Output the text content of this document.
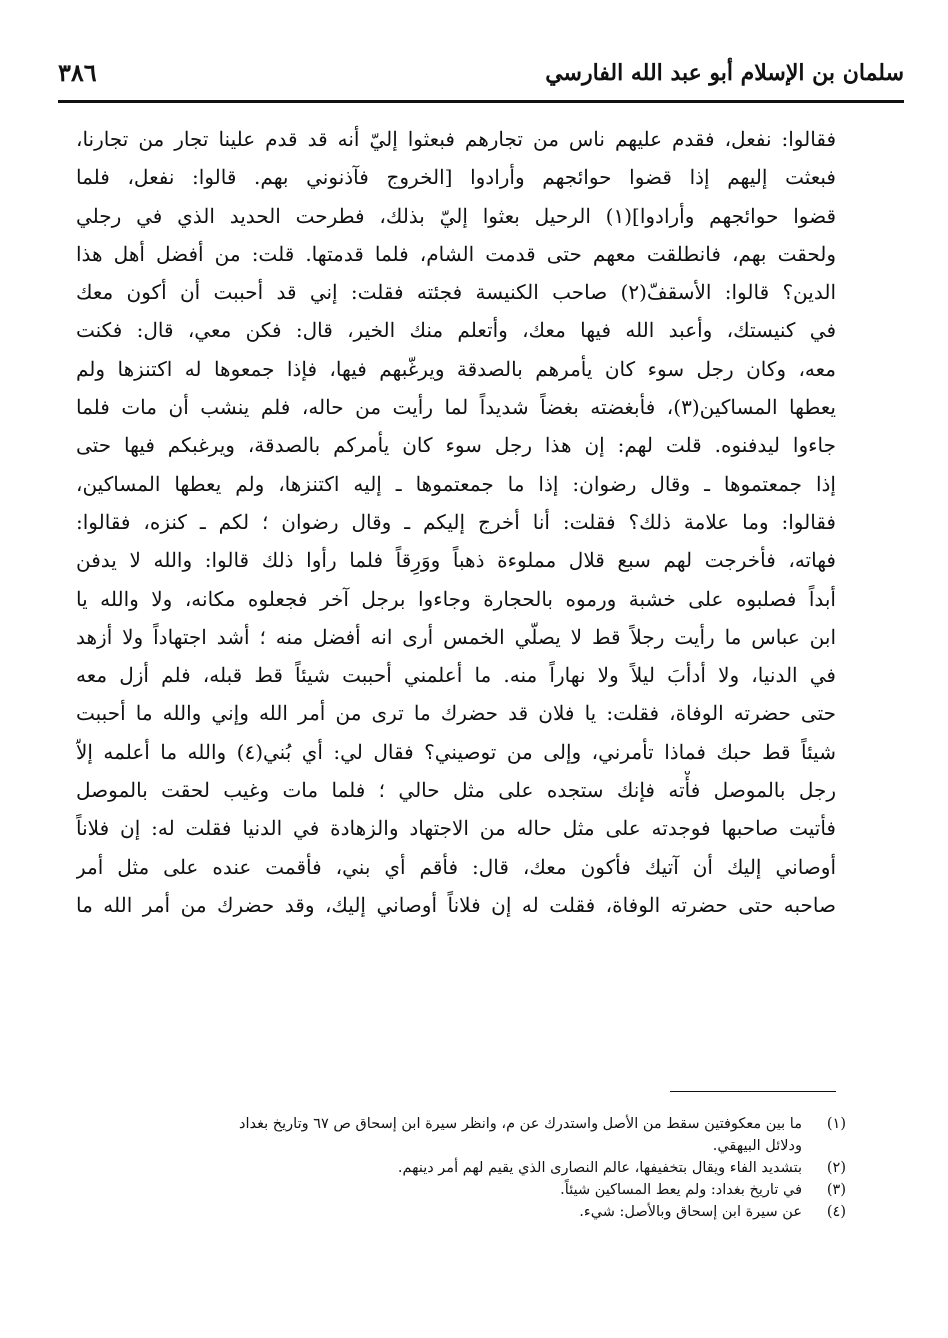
سلمان بن الإسلام أبو عبد الله الفارسي
٣٨٦
فقالوا: نفعل، فقدم عليهم ناس من تجارهم فبعثوا إليّ أنه قد قدم علينا تجار من تجارنا،
فبعثت إليهم إذا قضوا حوائجهم وأرادوا [الخروج فآذنوني بهم. قالوا: نفعل، فلما
قضوا حوائجهم وأرادوا](١) الرحيل بعثوا إليّ بذلك، فطرحت الحديد الذي في رجلي
ولحقت بهم، فانطلقت معهم حتى قدمت الشام، فلما قدمتها. قلت: من أفضل أهل هذا
الدين؟ قالوا: الأسقفّ(٢) صاحب الكنيسة فجئته فقلت: إني قد أحببت أن أكون معك
في كنيستك، وأعبد الله فيها معك، وأتعلم منك الخير، قال: فكن معي، قال: فكنت
معه، وكان رجل سوء كان يأمرهم بالصدقة ويرغّبهم فيها، فإذا جمعوها له اكتنزها ولم
يعطها المساكين(٣)، فأبغضته بغضاً شديداً لما رأيت من حاله، فلم ينشب أن مات فلما
جاءوا ليدفنوه. قلت لهم: إن هذا رجل سوء كان يأمركم بالصدقة، ويرغبكم فيها حتى
إذا جمعتموها ـ وقال رضوان: إذا ما جمعتموها ـ إليه اكتنزها، ولم يعطها المساكين،
فقالوا: وما علامة ذلك؟ فقلت: أنا أخرج إليكم ـ وقال رضوان ؛ لكم ـ كنزه، فقالوا:
فهاته، فأخرجت لهم سبع قلال مملوءة ذهباً ووَرِقاً فلما رأوا ذلك قالوا: والله لا يدفن
أبداً فصلبوه على خشبة ورموه بالحجارة وجاءوا برجل آخر فجعلوه مكانه، ولا والله يا
ابن عباس ما رأيت رجلاً قط لا يصلّي الخمس أرى انه أفضل منه ؛ أشد اجتهاداً ولا أزهد
في الدنيا، ولا أدأبَ ليلاً ولا نهاراً منه. ما أعلمني أحببت شيئاً قط قبله، فلم أزل معه
حتى حضرته الوفاة، فقلت: يا فلان قد حضرك ما ترى من أمر الله وإني والله ما أحببت
شيئاً قط حبك فماذا تأمرني، وإلى من توصيني؟ فقال لي: أي بُني(٤) والله ما أعلمه إلاّ
رجل بالموصل فأْته فإنك ستجده على مثل حالي ؛ فلما مات وغيب لحقت بالموصل
فأتيت صاحبها فوجدته على مثل حاله من الاجتهاد والزهادة في الدنيا فقلت له: إن فلاناً
أوصاني إليك أن آتيك فأكون معك، قال: فأقم أي بني، فأقمت عنده على مثل أمر
صاحبه حتى حضرته الوفاة، فقلت له إن فلاناً أوصاني إليك، وقد حضرك من أمر الله ما
(١)
ما بين معكوفتين سقط من الأصل واستدرك عن م، وانظر سيرة ابن إسحاق ص ٦٧ وتاريخ بغداد
ودلائل البيهقي.
(٢)
بتشديد الفاء ويقال بتخفيفها، عالم النصارى الذي يقيم لهم أمر دينهم.
(٣)
في تاريخ بغداد: ولم يعط المساكين شيئاً.
(٤)
عن سيرة ابن إسحاق وبالأصل: شيء.
